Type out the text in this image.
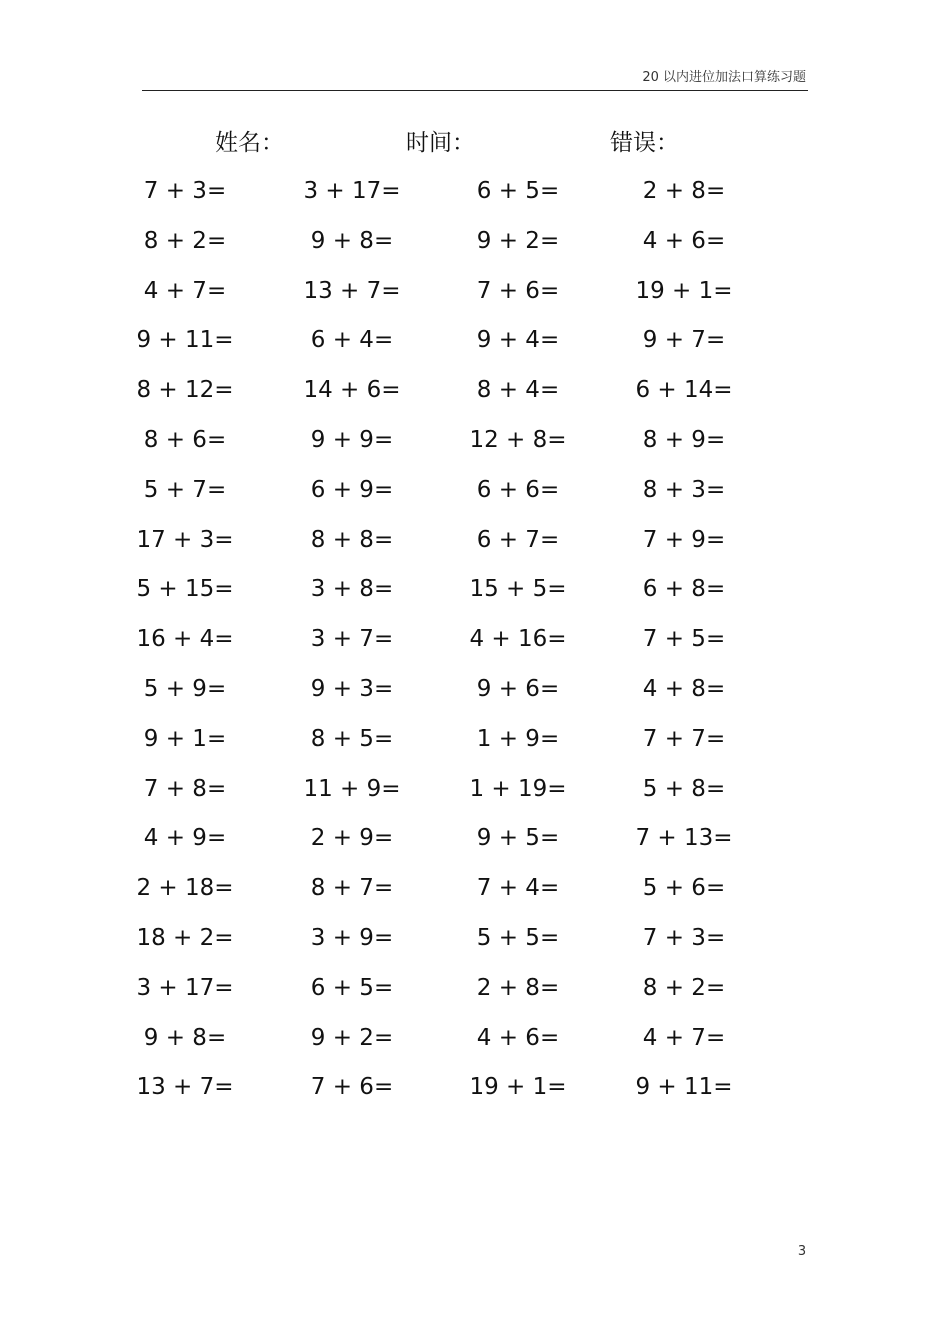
20 以内进位加法口算练习题
姓名：	时间：	错误：
7 + 3=	3 + 17=	6 + 5=	2 + 8=
8 + 2=	9 + 8=	9 + 2=	4 + 6=
4 + 7=	13 + 7=	7 + 6=	19 + 1=
9 + 11=	6 + 4=	9 + 4=	9 + 7=
8 + 12=	14 + 6=	8 + 4=	6 + 14=
8 + 6=	9 + 9=	12 + 8=	8 + 9=
5 + 7=	6 + 9=	6 + 6=	8 + 3=
17 + 3=	8 + 8=	6 + 7=	7 + 9=
5 + 15=	3 + 8=	15 + 5=	6 + 8=
16 + 4=	3 + 7=	4 + 16=	7 + 5=
5 + 9=	9 + 3=	9 + 6=	4 + 8=
9 + 1=	8 + 5=	1 + 9=	7 + 7=
7 + 8=	11 + 9=	1 + 19=	5 + 8=
4 + 9=	2 + 9=	9 + 5=	7 + 13=
2 + 18=	8 + 7=	7 + 4=	5 + 6=
18 + 2=	3 + 9=	5 + 5=	7 + 3=
3 + 17=	6 + 5=	2 + 8=	8 + 2=
9 + 8=	9 + 2=	4 + 6=	4 + 7=
13 + 7=	7 + 6=	19 + 1=	9 + 11=
3
